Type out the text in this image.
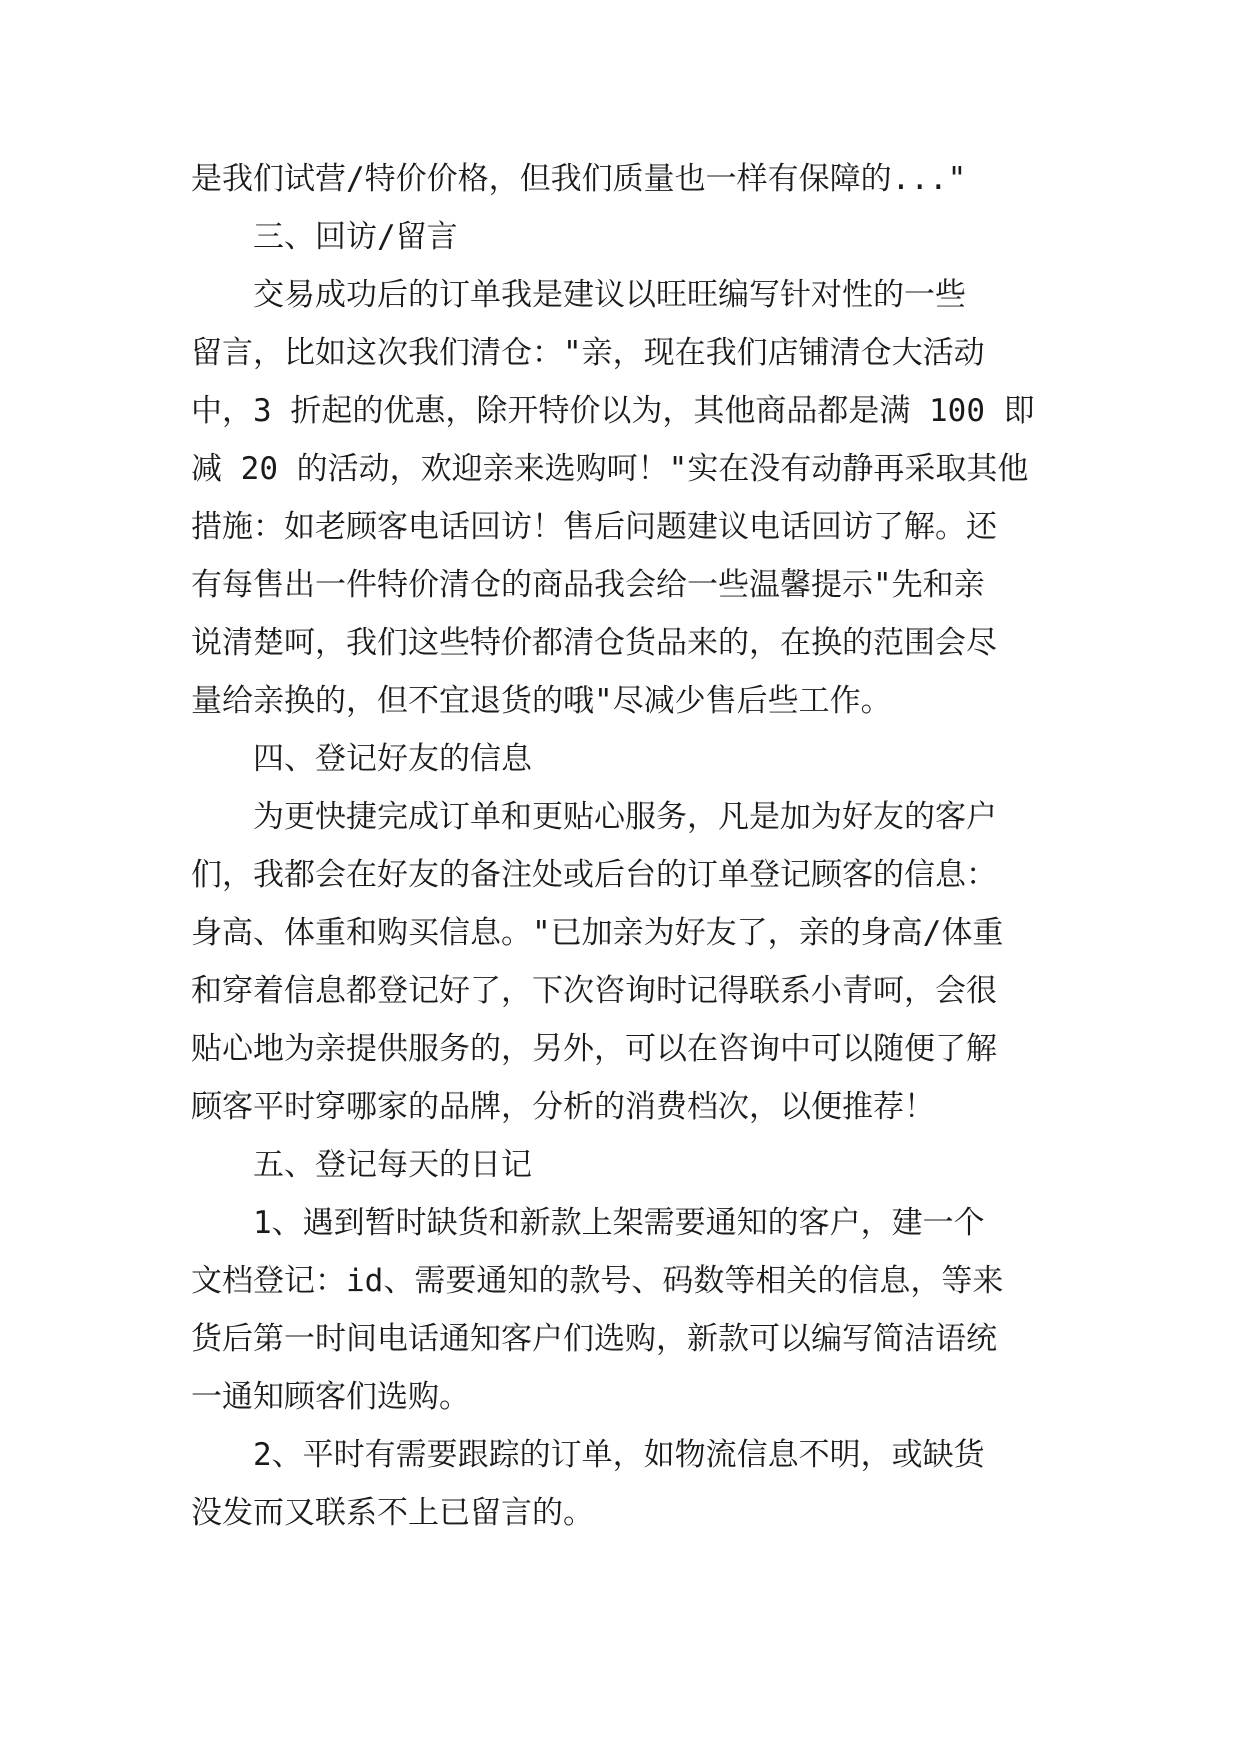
是我们试营/特价价格，但我们质量也一样有保障的..."
　　三、回访/留言
　　交易成功后的订单我是建议以旺旺编写针对性的一些
留言，比如这次我们清仓："亲，现在我们店铺清仓大活动
中，3 折起的优惠，除开特价以为，其他商品都是满 100 即
减 20 的活动，欢迎亲来选购呵！"实在没有动静再采取其他
措施：如老顾客电话回访！售后问题建议电话回访了解。还
有每售出一件特价清仓的商品我会给一些温馨提示"先和亲
说清楚呵，我们这些特价都清仓货品来的，在换的范围会尽
量给亲换的，但不宜退货的哦"尽减少售后些工作。
　　四、登记好友的信息
　　为更快捷完成订单和更贴心服务，凡是加为好友的客户
们，我都会在好友的备注处或后台的订单登记顾客的信息：
身高、体重和购买信息。"已加亲为好友了，亲的身高/体重
和穿着信息都登记好了，下次咨询时记得联系小青呵，会很
贴心地为亲提供服务的，另外，可以在咨询中可以随便了解
顾客平时穿哪家的品牌，分析的消费档次，以便推荐！
　　五、登记每天的日记
　　1、遇到暂时缺货和新款上架需要通知的客户，建一个
文档登记：id、需要通知的款号、码数等相关的信息，等来
货后第一时间电话通知客户们选购，新款可以编写简洁语统
一通知顾客们选购。
　　2、平时有需要跟踪的订单，如物流信息不明，或缺货
没发而又联系不上已留言的。
